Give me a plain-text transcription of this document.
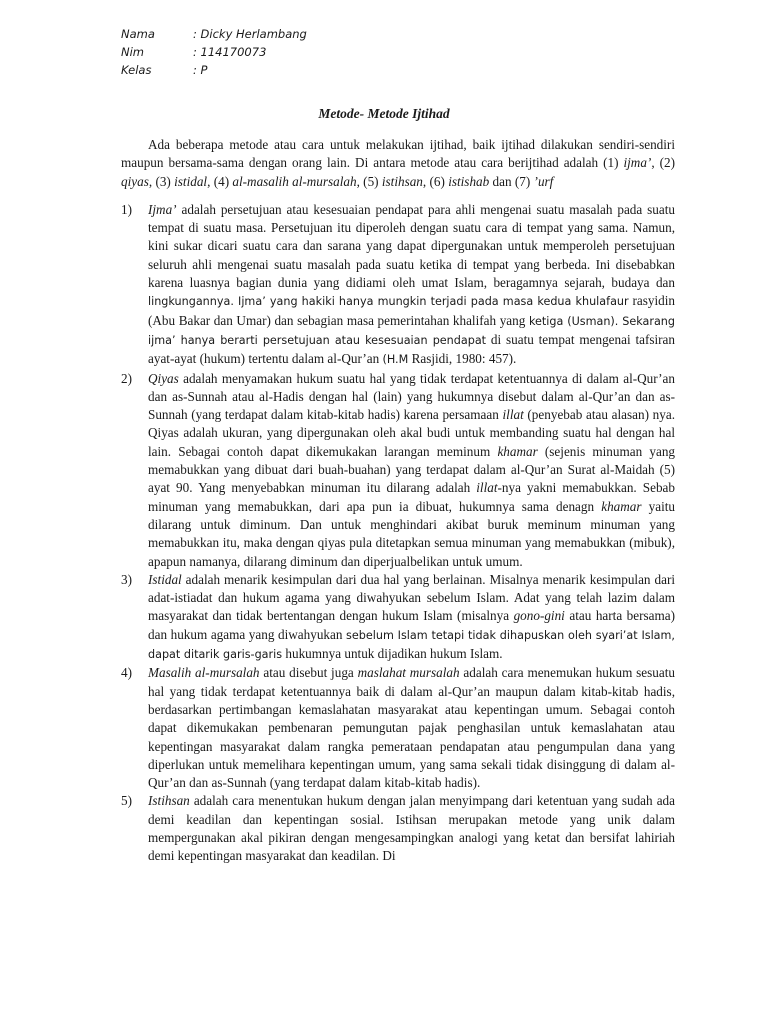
Nama	: Dicky Herlambang
Nim	: 114170073
Kelas	: P
Metode- Metode Ijtihad

Ada beberapa metode atau cara untuk melakukan ijtihad, baik ijtihad dilakukan sendiri-sendiri maupun bersama-sama dengan orang lain. Di antara metode atau cara berijtihad adalah (1) ijma’, (2) qiyas, (3) istidal, (4) al-masalih al-mursalah, (5) istihsan, (6) istishab dan (7) ’urf

1)	Ijma’ adalah persetujuan atau kesesuaian pendapat para ahli mengenai suatu masalah pada suatu tempat di suatu masa. Persetujuan itu diperoleh dengan suatu cara di tempat yang sama. Namun, kini sukar dicari suatu cara dan sarana yang dapat dipergunakan untuk memperoleh persetujuan seluruh ahli mengenai suatu masalah pada suatu ketika di tempat yang berbeda. Ini disebabkan karena luasnya bagian dunia yang didiami oleh umat Islam, beragamnya sejarah, budaya dan lingkungannya. Ijma’ yang hakiki hanya mungkin terjadi pada masa kedua khulafaur rasyidin (Abu Bakar dan Umar) dan sebagian masa pemerintahan khalifah yang ketiga (Usman). Sekarang ijma’ hanya berarti persetujuan atau kesesuaian pendapat di suatu tempat mengenai tafsiran ayat-ayat (hukum) tertentu dalam al-Qur’an (H.M Rasjidi, 1980: 457).
2)	Qiyas adalah menyamakan hukum suatu hal yang tidak terdapat ketentuannya di dalam al-Qur’an dan as-Sunnah atau al-Hadis dengan hal (lain) yang hukumnya disebut dalam al-Qur’an dan as-Sunnah (yang terdapat dalam kitab-kitab hadis) karena persamaan illat (penyebab atau alasan) nya. Qiyas adalah ukuran, yang dipergunakan oleh akal budi untuk membanding suatu hal dengan hal lain. Sebagai contoh dapat dikemukakan larangan meminum khamar (sejenis minuman yang memabukkan yang dibuat dari buah-buahan) yang terdapat dalam al-Qur’an Surat al-Maidah (5) ayat 90. Yang menyebabkan minuman itu dilarang adalah illat-nya yakni memabukkan. Sebab minuman yang memabukkan, dari apa pun ia dibuat, hukumnya sama denagn khamar yaitu dilarang untuk diminum. Dan untuk menghindari akibat buruk meminum minuman yang memabukkan itu, maka dengan qiyas pula ditetapkan semua minuman yang memabukkan (mibuk), apapun namanya, dilarang diminum dan diperjualbelikan untuk umum.
3)	Istidal adalah menarik kesimpulan dari dua hal yang berlainan. Misalnya menarik kesimpulan dari adat-istiadat dan hukum agama yang diwahyukan sebelum Islam. Adat yang telah lazim dalam masyarakat dan tidak bertentangan dengan hukum Islam (misalnya gono-gini atau harta bersama) dan hukum agama yang diwahyukan sebelum Islam tetapi tidak dihapuskan oleh syari’at Islam, dapat ditarik garis-garis hukumnya untuk dijadikan hukum Islam.
4)	Masalih al-mursalah atau disebut juga maslahat mursalah adalah cara menemukan hukum sesuatu hal yang tidak terdapat ketentuannya baik di dalam al-Qur’an maupun dalam kitab-kitab hadis, berdasarkan pertimbangan kemaslahatan masyarakat atau kepentingan umum. Sebagai contoh dapat dikemukakan pembenaran pemungutan pajak penghasilan untuk kemaslahatan atau kepentingan masyarakat dalam rangka pemerataan pendapatan atau pengumpulan dana yang diperlukan untuk memelihara kepentingan umum, yang sama sekali tidak disinggung di dalam al-Qur’an dan as-Sunnah (yang terdapat dalam kitab-kitab hadis).
5)	Istihsan adalah cara menentukan hukum dengan jalan menyimpang dari ketentuan yang sudah ada demi keadilan dan kepentingan sosial. Istihsan merupakan metode yang unik dalam mempergunakan akal pikiran dengan mengesampingkan analogi yang ketat dan bersifat lahiriah demi kepentingan masyarakat dan keadilan. Di
